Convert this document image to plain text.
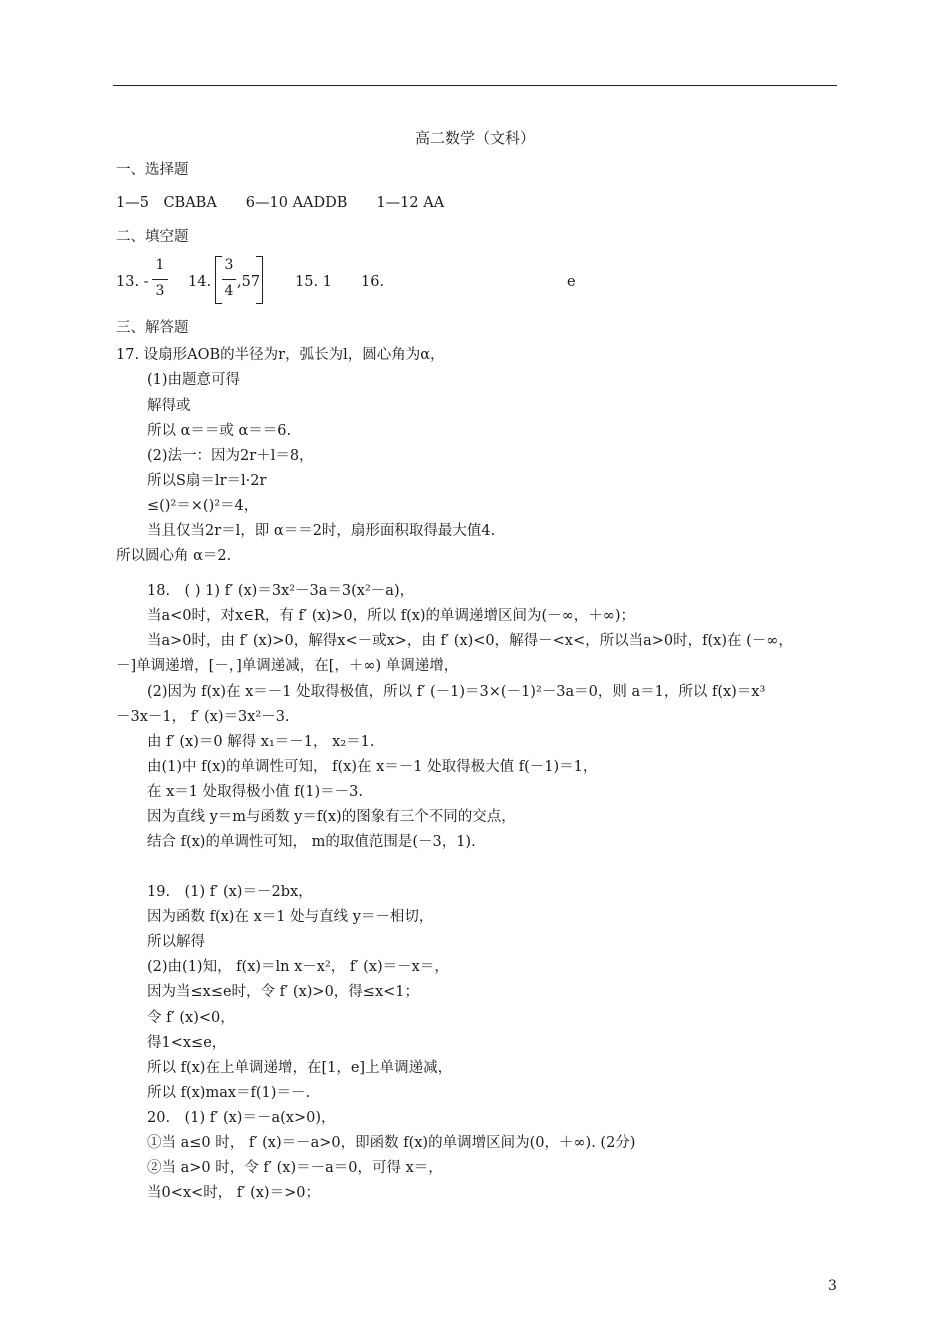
高二数学（文科）
一、选择题
1—5　CBABA　　6—10 AADDB　　1—12 AA
二、填空题
13. -
1
3
14.
3
4
,57 15. 1 16.	e
三、解答题
17. 设扇形AOB的半径为r，弧长为l，圆心角为α，
(1)由题意可得
解得或
所以 α＝＝或 α＝＝6.
(2)法一：因为2r＋l＝8，
所以S扇＝lr＝l·2r
≤()²＝×()²＝4，
当且仅当2r＝l，即 α＝＝2时，扇形面积取得最大值4.
所以圆心角 α＝2.
18.　( ) 1) f′ (x)＝3x²－3a＝3(x²－a)，
当a<0时，对x∈R，有 f′ (x)>0，所以 f(x)的单调递增区间为(－∞，＋∞)；
当a>0时，由 f′ (x)>0，解得x<－或x>，由 f′ (x)<0，解得－<x<，所以当a>0时，f(x)在 (－∞，
－]单调递增，[－，]单调递减，在[，＋∞) 单调递增，
(2)因为 f(x)在 x＝－1 处取得极值，所以 f′ (－1)＝3×(－1)²－3a＝0，则 a＝1，所以 f(x)＝x³
－3x－1， f′ (x)＝3x²－3.
由 f′ (x)＝0 解得 x₁＝－1， x₂＝1.
由(1)中 f(x)的单调性可知， f(x)在 x＝－1 处取得极大值 f(－1)＝1，
在 x＝1 处取得极小值 f(1)＝－3.
因为直线 y＝m与函数 y＝f(x)的图象有三个不同的交点，
结合 f(x)的单调性可知， m的取值范围是(－3，1).
19.　(1) f′ (x)＝－2bx，
因为函数 f(x)在 x＝1 处与直线 y＝－相切，
所以解得
(2)由(1)知， f(x)＝ln x－x²， f′ (x)＝－x＝，
因为当≤x≤e时，令 f′ (x)>0，得≤x<1；
令 f′ (x)<0，
得1<x≤e，
所以 f(x)在上单调递增，在[1，e]上单调递减，
所以 f(x)max＝f(1)＝－.
20.　(1) f′ (x)＝－a(x>0)，
①当 a≤0 时， f′ (x)＝－a>0，即函数 f(x)的单调增区间为(0，＋∞). (2分)
②当 a>0 时，令 f′ (x)＝－a＝0，可得 x＝，
当0<x<时， f′ (x)＝>0；
3
